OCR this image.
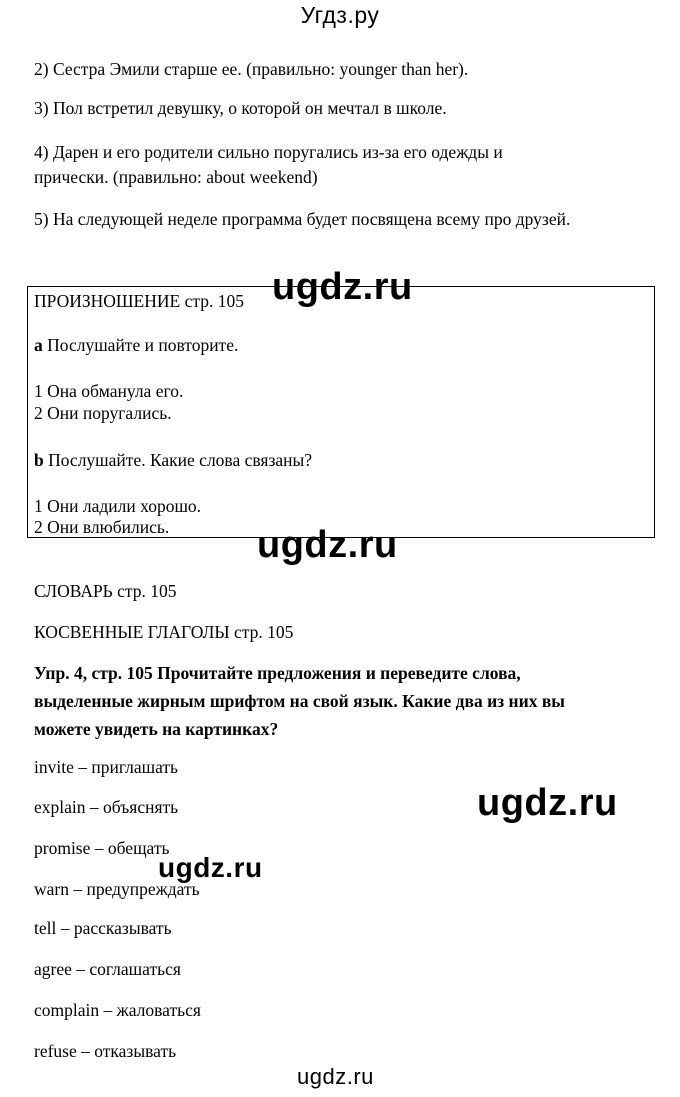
Угдз.ру
2) Сестра Эмили старше ее. (правильно: younger than her).
3) Пол встретил девушку, о которой он мечтал в школе.
4) Дарен и его родители сильно поругались из-за его одежды и
прически. (правильно: about weekend)
5) На следующей неделе программа будет посвящена всему про друзей.
ПРОИЗНОШЕНИЕ стр. 105
a Послушайте и повторите.
1 Она обманула его.
2 Они поругались.
b Послушайте. Какие слова связаны?
1 Они ладили хорошо.
2 Они влюбились.
ugdz.ru
ugdz.ru
СЛОВАРЬ стр. 105
КОСВЕННЫЕ ГЛАГОЛЫ стр. 105
Упр. 4, стр. 105 Прочитайте предложения и переведите слова,
выделенные жирным шрифтом на свой язык. Какие два из них вы
можете увидеть на картинках?
invite – приглашать
explain – объяснять
promise – обещать
warn – предупреждать
tell – рассказывать
agree – соглашаться
complain – жаловаться
refuse – отказывать
ugdz.ru
ugdz.ru
ugdz.ru
